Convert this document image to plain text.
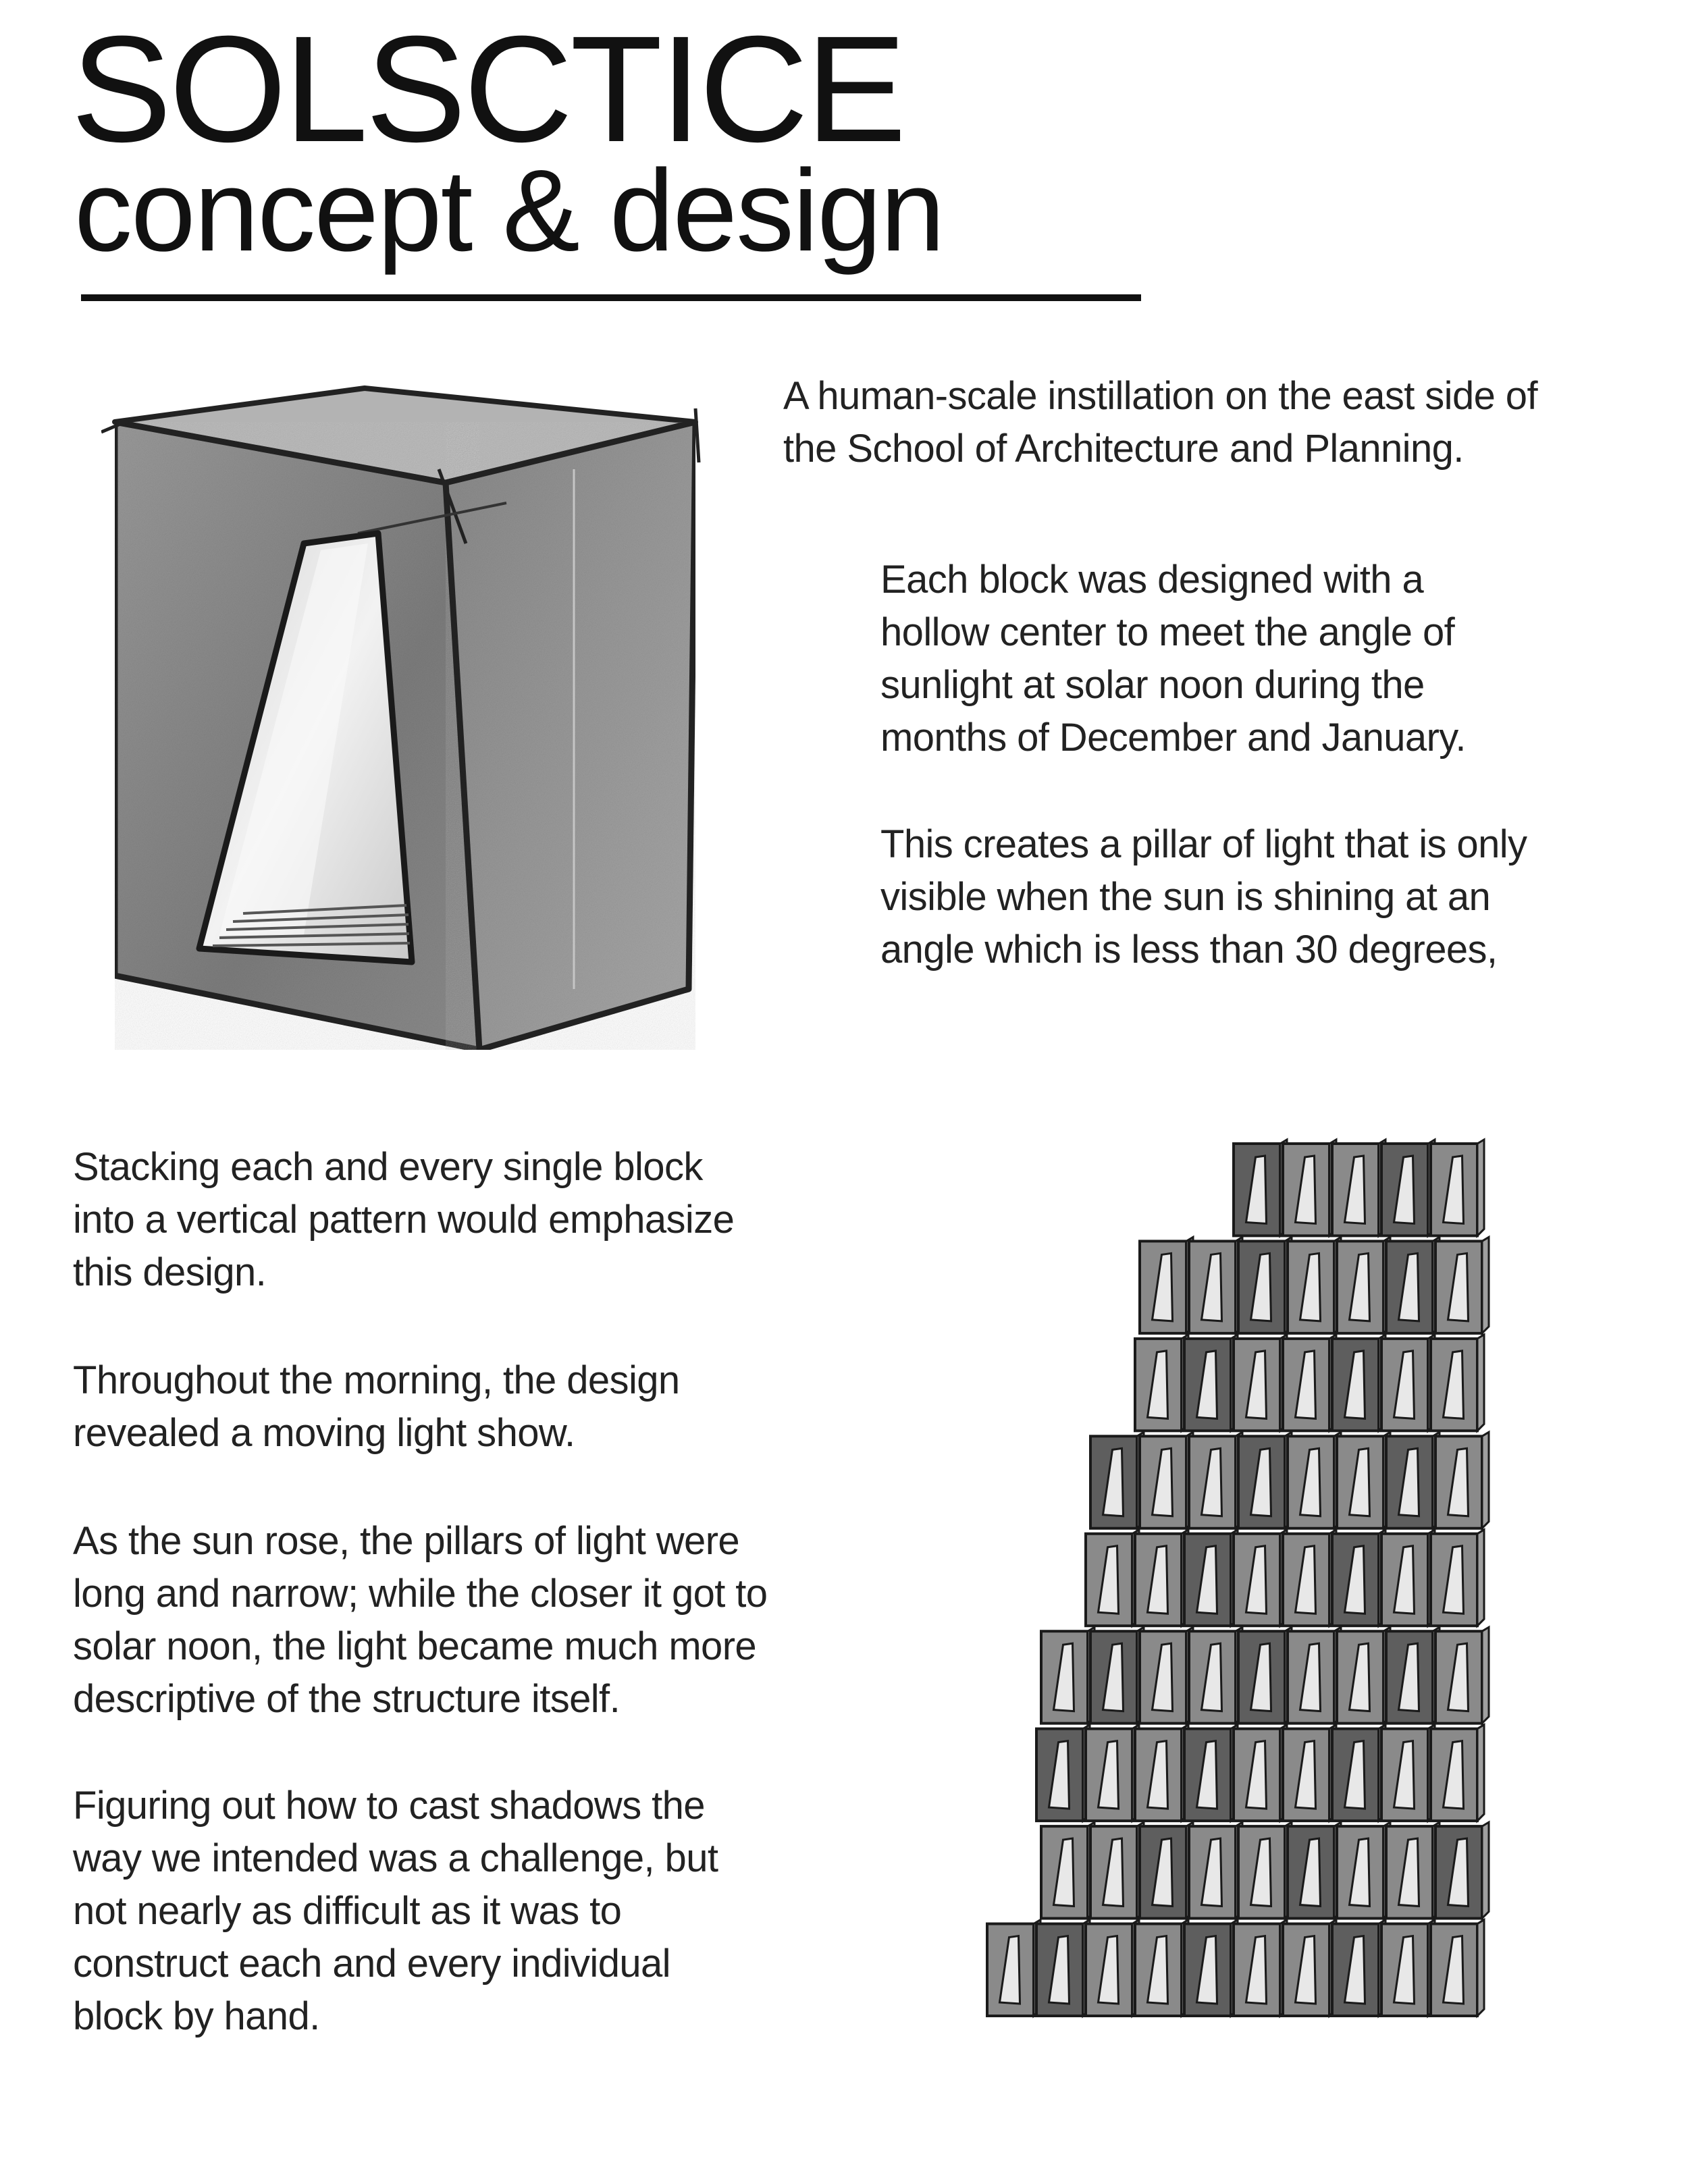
SOLSCTICE
concept & design
A human-scale instillation on the east side of
the School of Architecture and Planning.
Each block was designed with a
hollow center to meet the angle of
sunlight at solar noon during the
months of December and January.
This creates a pillar of light that is only
visible when the sun is shining at an
angle which is less than 30 degrees,
Stacking each and every single block
into a vertical pattern would emphasize
this design.
Throughout the morning, the design
revealed a moving light show.
As the sun rose, the pillars of light were
long and narrow; while the closer it got to
solar noon, the light became much more
descriptive of the structure itself.
Figuring out how to cast shadows the
way we intended was a challenge, but
not nearly as difficult as it was to
construct each and every individual
block by hand.
